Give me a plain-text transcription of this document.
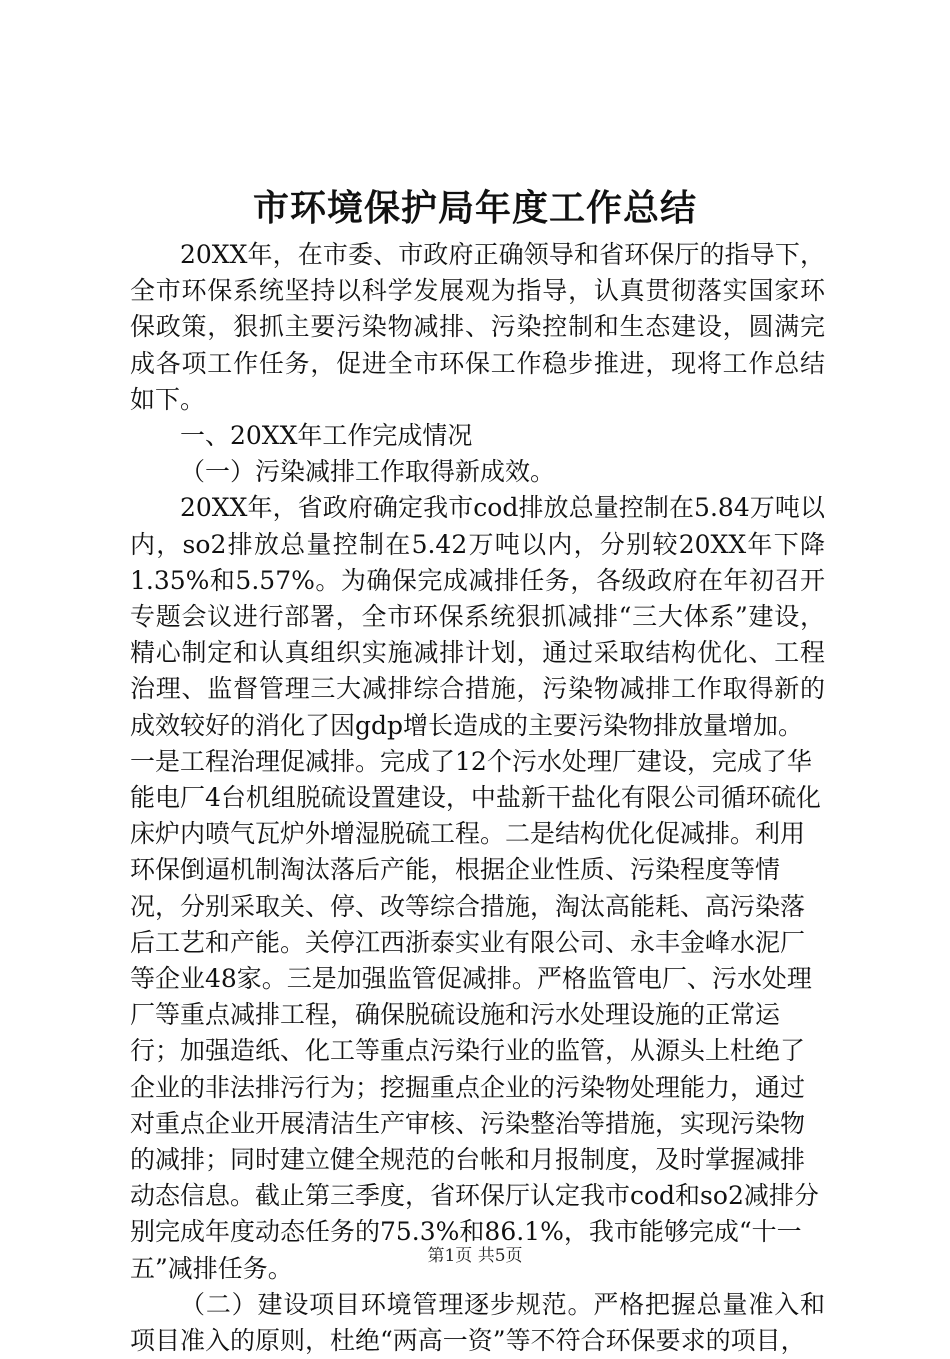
市环境保护局年度工作总结

20XX年，在市委、市政府正确领导和省环保厅的指导下，全市环保系统坚持以科学发展观为指导，认真贯彻落实国家环保政策，狠抓主要污染物减排、污染控制和生态建设，圆满完成各项工作任务，促进全市环保工作稳步推进，现将工作总结如下。

一、20XX年工作完成情况

（一）污染减排工作取得新成效。

20XX年，省政府确定我市cod排放总量控制在5.84万吨以内，so2排放总量控制在5.42万吨以内，分别较20XX年下降1.35%和5.57%。为确保完成减排任务，各级政府在年初召开专题会议进行部署，全市环保系统狠抓减排“三大体系”建设，精心制定和认真组织实施减排计划，通过采取结构优化、工程治理、监督管理三大减排综合措施，污染物减排工作取得新的成效较好的消化了因gdp增长造成的主要污染物排放量增加。

一是工程治理促减排。完成了12个污水处理厂建设，完成了华能电厂4台机组脱硫设置建设，中盐新干盐化有限公司循环硫化床炉内喷气瓦炉外增湿脱硫工程。二是结构优化促减排。利用环保倒逼机制淘汰落后产能，根据企业性质、污染程度等情况，分别采取关、停、改等综合措施，淘汰高能耗、高污染落后工艺和产能。关停江西浙泰实业有限公司、永丰金峰水泥厂等企业48家。三是加强监管促减排。严格监管电厂、污水处理厂等重点减排工程，确保脱硫设施和污水处理设施的正常运行；加强造纸、化工等重点污染行业的监管，从源头上杜绝了企业的非法排污行为；挖掘重点企业的污染物处理能力，通过对重点企业开展清洁生产审核、污染整治等措施，实现污染物的减排；同时建立健全规范的台帐和月报制度，及时掌握减排动态信息。截止第三季度，省环保厅认定我市cod和so2减排分别完成年度动态任务的75.3%和86.1%，我市能够完成“十一五”减排任务。

（二）建设项目环境管理逐步规范。严格把握总量准入和项目准入的原则，杜绝“两高一资”等不符合环保要求的项目，

第1页 共5页
